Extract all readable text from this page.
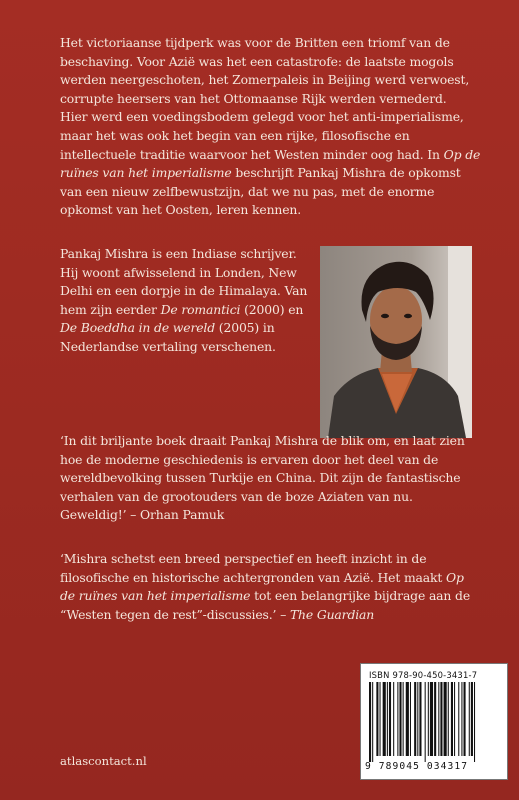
Het victoriaanse tijdperk was voor de Britten een triomf van de beschaving. Voor Azië was het een catastrofe: de laatste mogols werden neergeschoten, het Zomerpaleis in Beijing werd verwoest, corrupte heersers van het Ottomaanse Rijk werden vernederd.
Hier werd een voedingsbodem gelegd voor het anti-imperialisme, maar het was ook het begin van een rijke, filosofische en intellectuele traditie waarvoor het Westen minder oog had. In Op de ruïnes van het imperialisme beschrijft Pankaj Mishra de opkomst van een nieuw zelfbewustzijn, dat we nu pas, met de enorme opkomst van het Oosten, leren kennen.

Pankaj Mishra is een Indiase schrijver. Hij woont afwisselend in Londen, New Delhi en een dorpje in de Himalaya. Van hem zijn eerder De romantici (2000) en De Boeddha in de wereld (2005) in Nederlandse vertaling verschenen.

‘In dit briljante boek draait Pankaj Mishra de blik om, en laat zien hoe de moderne geschiedenis is ervaren door het deel van de wereldbevolking tussen Turkije en China. Dit zijn de fantastische verhalen van de grootouders van de boze Aziaten van nu. Geweldig!’ – Orhan Pamuk

‘Mishra schetst een breed perspectief en heeft inzicht in de filosofische en historische achtergronden van Azië. Het maakt Op de ruïnes van het imperialisme tot een belangrijke bijdrage aan de “Westen tegen de rest”-discussies.’ – The Guardian

ISBN 978-90-450-3431-7

9 789045 034317

atlascontact.nl
